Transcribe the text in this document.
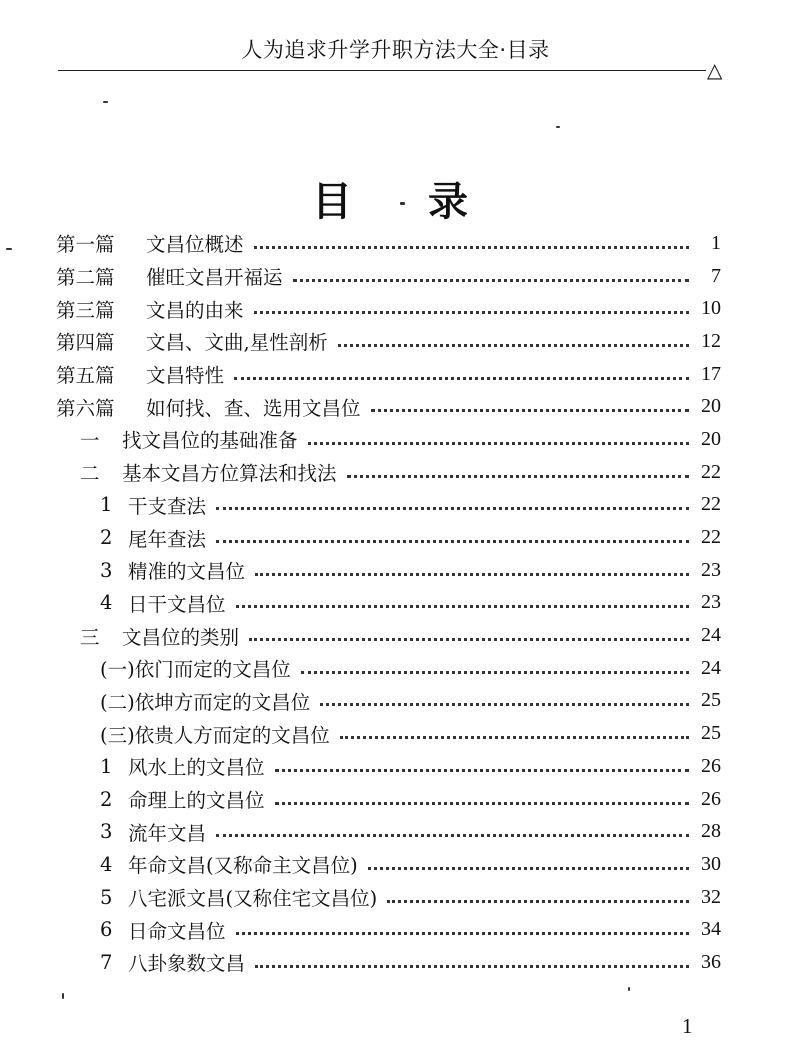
人为追求升学升职方法大全·目录
△
目 录
第一篇	文昌位概述	1
第二篇	催旺文昌开福运	7
第三篇	文昌的由来	10
第四篇	文昌、文曲,星性剖析	12
第五篇	文昌特性	17
第六篇	如何找、查、选用文昌位	20
一	找文昌位的基础准备	20
二	基本文昌方位算法和找法	22
1 干支查法	22
2 尾年查法	22
3 精准的文昌位	23
4 日干文昌位	23
三	文昌位的类别	24
(一)依门而定的文昌位	24
(二)依坤方而定的文昌位	25
(三)依贵人方而定的文昌位	25
1 风水上的文昌位	26
2 命理上的文昌位	26
3 流年文昌	28
4 年命文昌(又称命主文昌位)	30
5 八宅派文昌(又称住宅文昌位)	32
6 日命文昌位	34
7 八卦象数文昌	36
1
